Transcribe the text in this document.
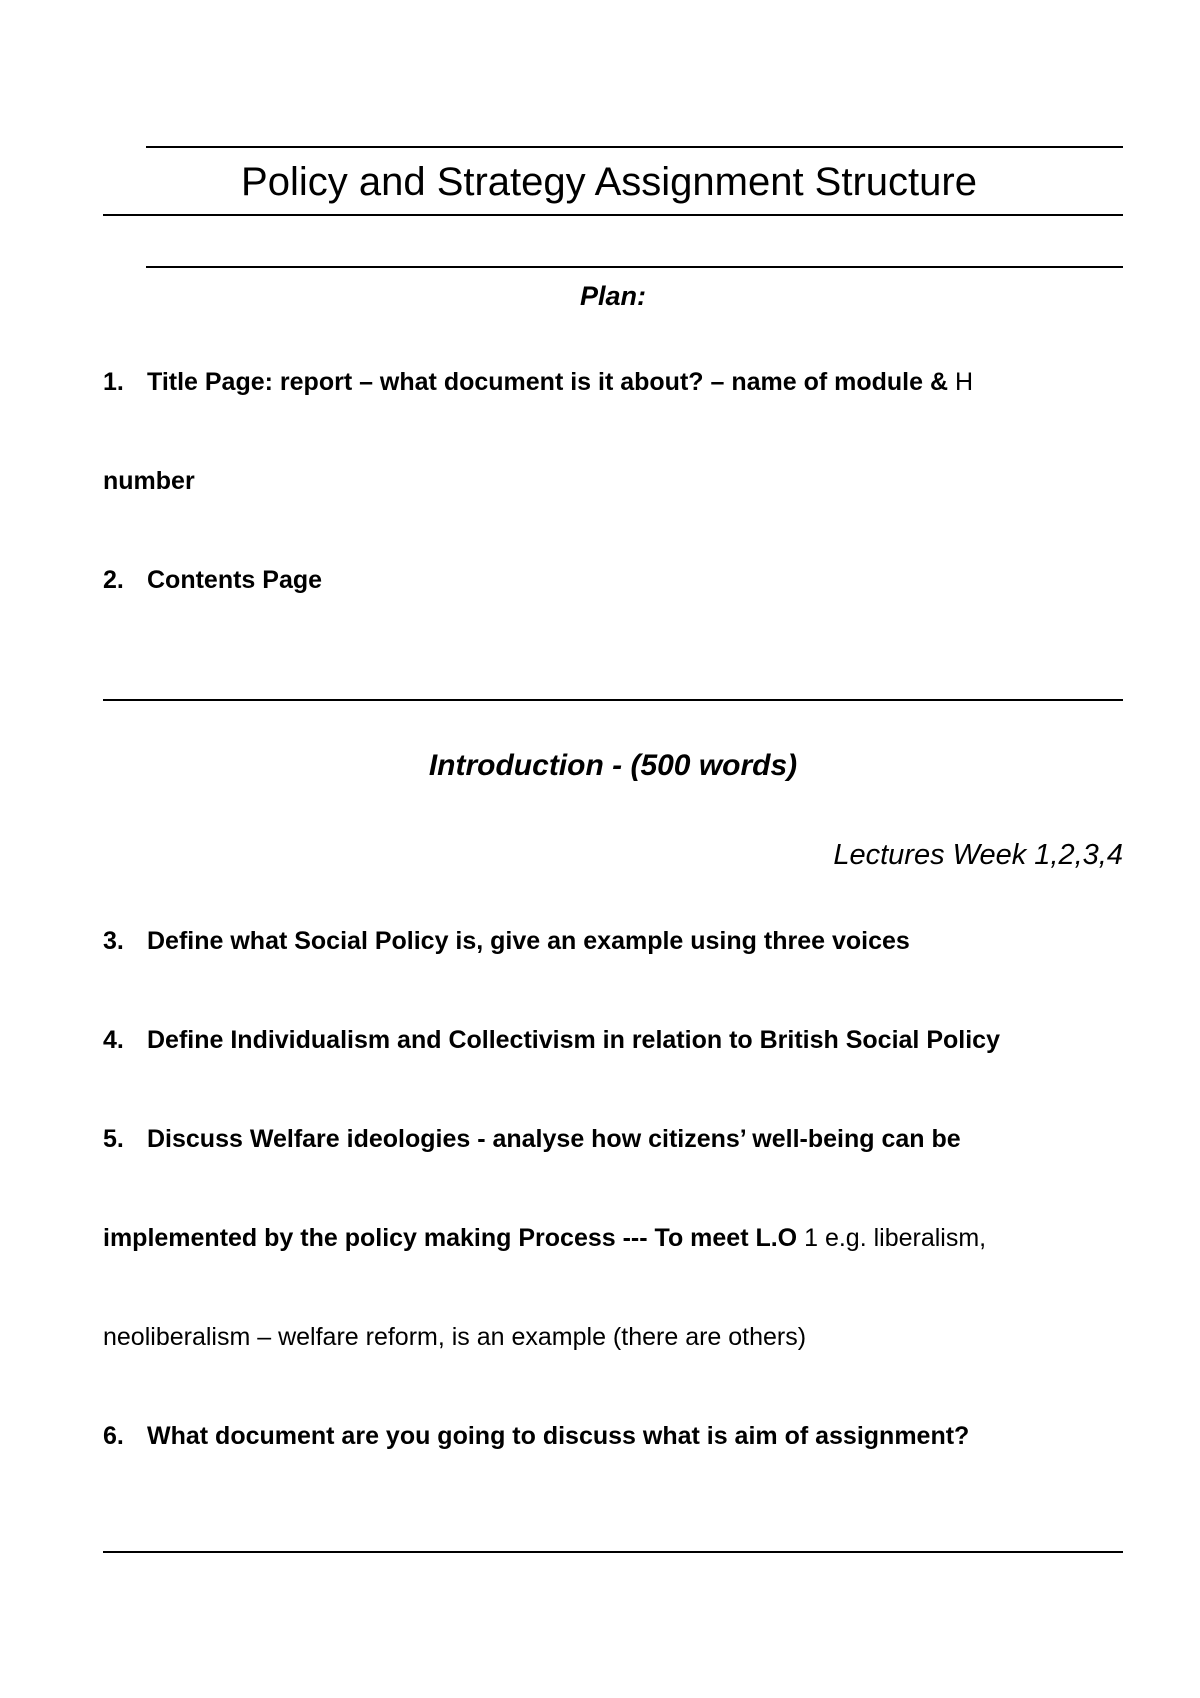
Policy and Strategy Assignment Structure
Plan:
1. Title Page: report – what document is it about? – name of module & H
number
2. Contents Page
Introduction - (500 words)
Lectures Week 1,2,3,4
3. Define what Social Policy is, give an example using three voices
4. Define Individualism and Collectivism in relation to British Social Policy
5. Discuss Welfare ideologies - analyse how citizens’ well-being can be
implemented by the policy making Process --- To meet L.O 1 e.g. liberalism,
neoliberalism – welfare reform, is an example (there are others)
6. What document are you going to discuss what is aim of assignment?
